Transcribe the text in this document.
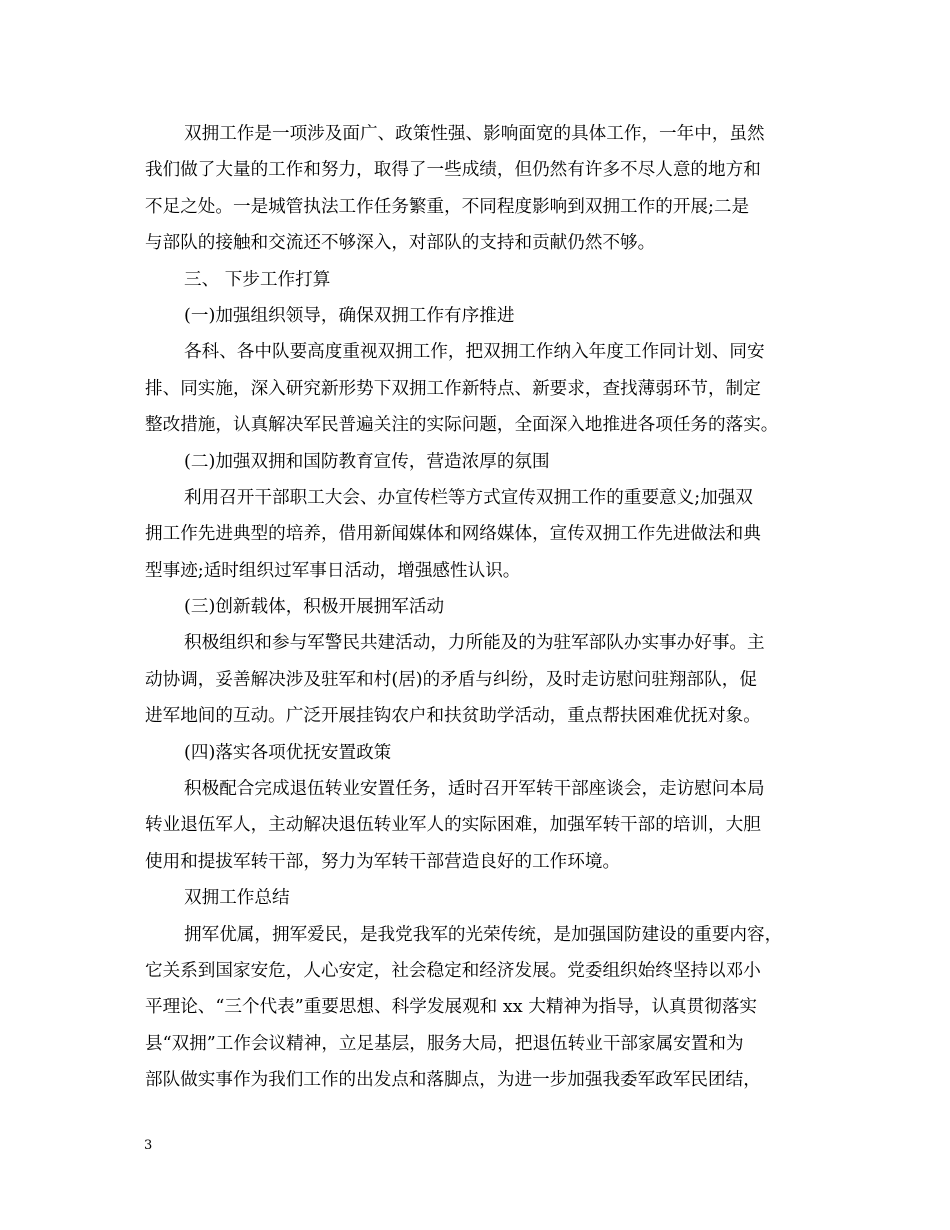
双拥工作是一项涉及面广、政策性强、影响面宽的具体工作，一年中，虽然
我们做了大量的工作和努力，取得了一些成绩，但仍然有许多不尽人意的地方和
不足之处。一是城管执法工作任务繁重，不同程度影响到双拥工作的开展;二是
与部队的接触和交流还不够深入，对部队的支持和贡献仍然不够。
三、 下步工作打算
(一)加强组织领导，确保双拥工作有序推进
各科、各中队要高度重视双拥工作，把双拥工作纳入年度工作同计划、同安
排、同实施，深入研究新形势下双拥工作新特点、新要求，查找薄弱环节，制定
整改措施，认真解决军民普遍关注的实际问题，全面深入地推进各项任务的落实。
(二)加强双拥和国防教育宣传，营造浓厚的氛围
利用召开干部职工大会、办宣传栏等方式宣传双拥工作的重要意义;加强双
拥工作先进典型的培养，借用新闻媒体和网络媒体，宣传双拥工作先进做法和典
型事迹;适时组织过军事日活动，增强感性认识。
(三)创新载体，积极开展拥军活动
积极组织和参与军警民共建活动，力所能及的为驻军部队办实事办好事。主
动协调，妥善解决涉及驻军和村(居)的矛盾与纠纷，及时走访慰问驻翔部队，促
进军地间的互动。广泛开展挂钩农户和扶贫助学活动，重点帮扶困难优抚对象。
(四)落实各项优抚安置政策
积极配合完成退伍转业安置任务，适时召开军转干部座谈会，走访慰问本局
转业退伍军人，主动解决退伍转业军人的实际困难，加强军转干部的培训，大胆
使用和提拔军转干部，努力为军转干部营造良好的工作环境。
双拥工作总结
拥军优属，拥军爱民，是我党我军的光荣传统，是加强国防建设的重要内容，
它关系到国家安危，人心安定，社会稳定和经济发展。党委组织始终坚持以邓小
平理论、“三个代表”重要思想、科学发展观和 xx 大精神为指导，认真贯彻落实
县“双拥”工作会议精神，立足基层，服务大局，把退伍转业干部家属安置和为
部队做实事作为我们工作的出发点和落脚点，为进一步加强我委军政军民团结，
3
